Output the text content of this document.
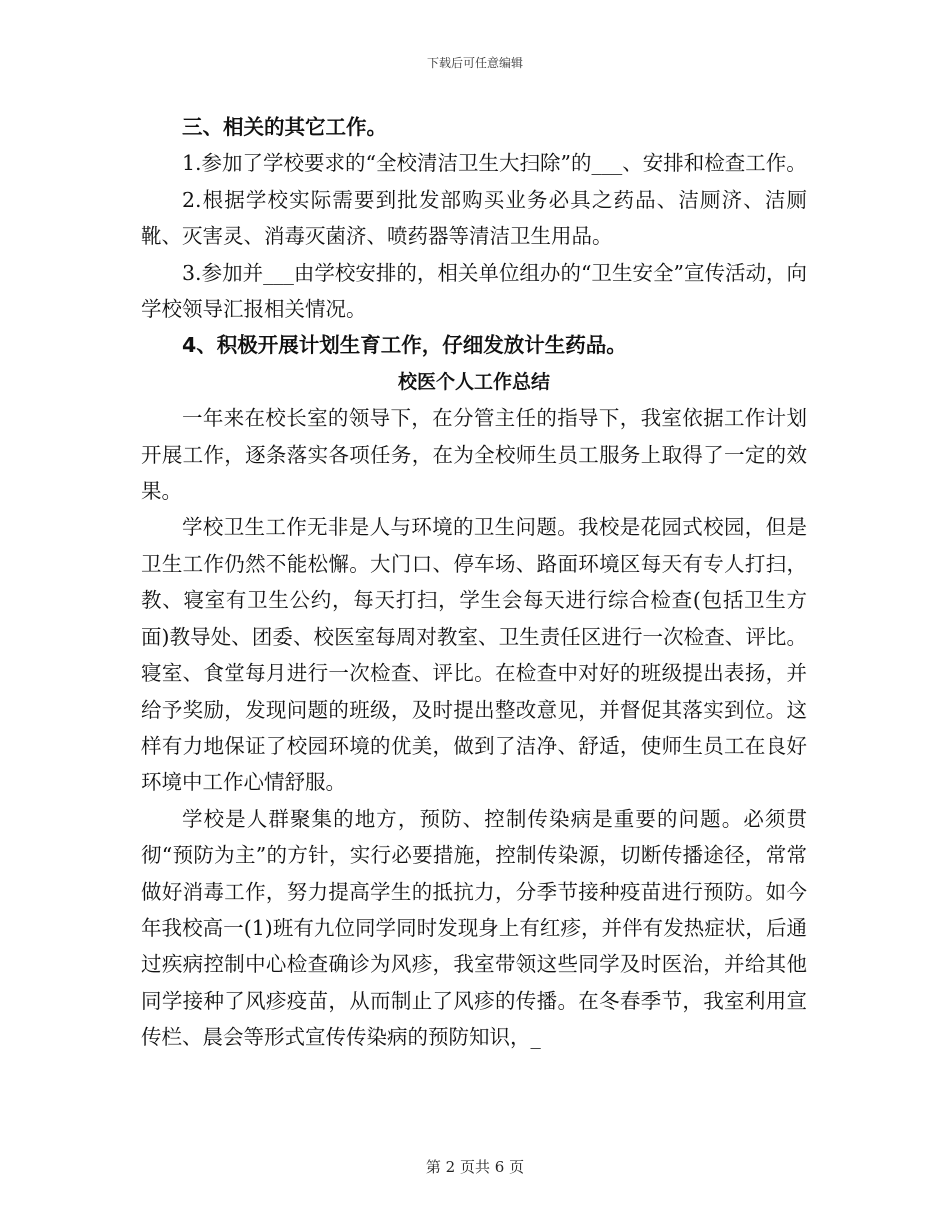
下载后可任意编辑

三、相关的其它工作。

1.参加了学校要求的“全校清洁卫生大扫除”的___、安排和检查工作。

2.根据学校实际需要到批发部购买业务必具之药品、洁厕济、洁厕靴、灭害灵、消毒灭菌济、喷药器等清洁卫生用品。

3.参加并___由学校安排的，相关单位组办的“卫生安全”宣传活动，向学校领导汇报相关情况。

4、积极开展计划生育工作，仔细发放计生药品。

校医个人工作总结

一年来在校长室的领导下，在分管主任的指导下，我室依据工作计划开展工作，逐条落实各项任务，在为全校师生员工服务上取得了一定的效果。

学校卫生工作无非是人与环境的卫生问题。我校是花园式校园，但是卫生工作仍然不能松懈。大门口、停车场、路面环境区每天有专人打扫，教、寝室有卫生公约，每天打扫，学生会每天进行综合检查(包括卫生方面)教导处、团委、校医室每周对教室、卫生责任区进行一次检查、评比。寝室、食堂每月进行一次检查、评比。在检查中对好的班级提出表扬，并给予奖励，发现问题的班级，及时提出整改意见，并督促其落实到位。这样有力地保证了校园环境的优美，做到了洁净、舒适，使师生员工在良好环境中工作心情舒服。

学校是人群聚集的地方，预防、控制传染病是重要的问题。必须贯彻“预防为主”的方针，实行必要措施，控制传染源，切断传播途径，常常做好消毒工作，努力提高学生的抵抗力，分季节接种疫苗进行预防。如今年我校高一(1)班有九位同学同时发现身上有红疹，并伴有发热症状，后通过疾病控制中心检查确诊为风疹，我室带领这些同学及时医治，并给其他同学接种了风疹疫苗，从而制止了风疹的传播。在冬春季节，我室利用宣传栏、晨会等形式宣传传染病的预防知识，_

第 2 页共 6 页
